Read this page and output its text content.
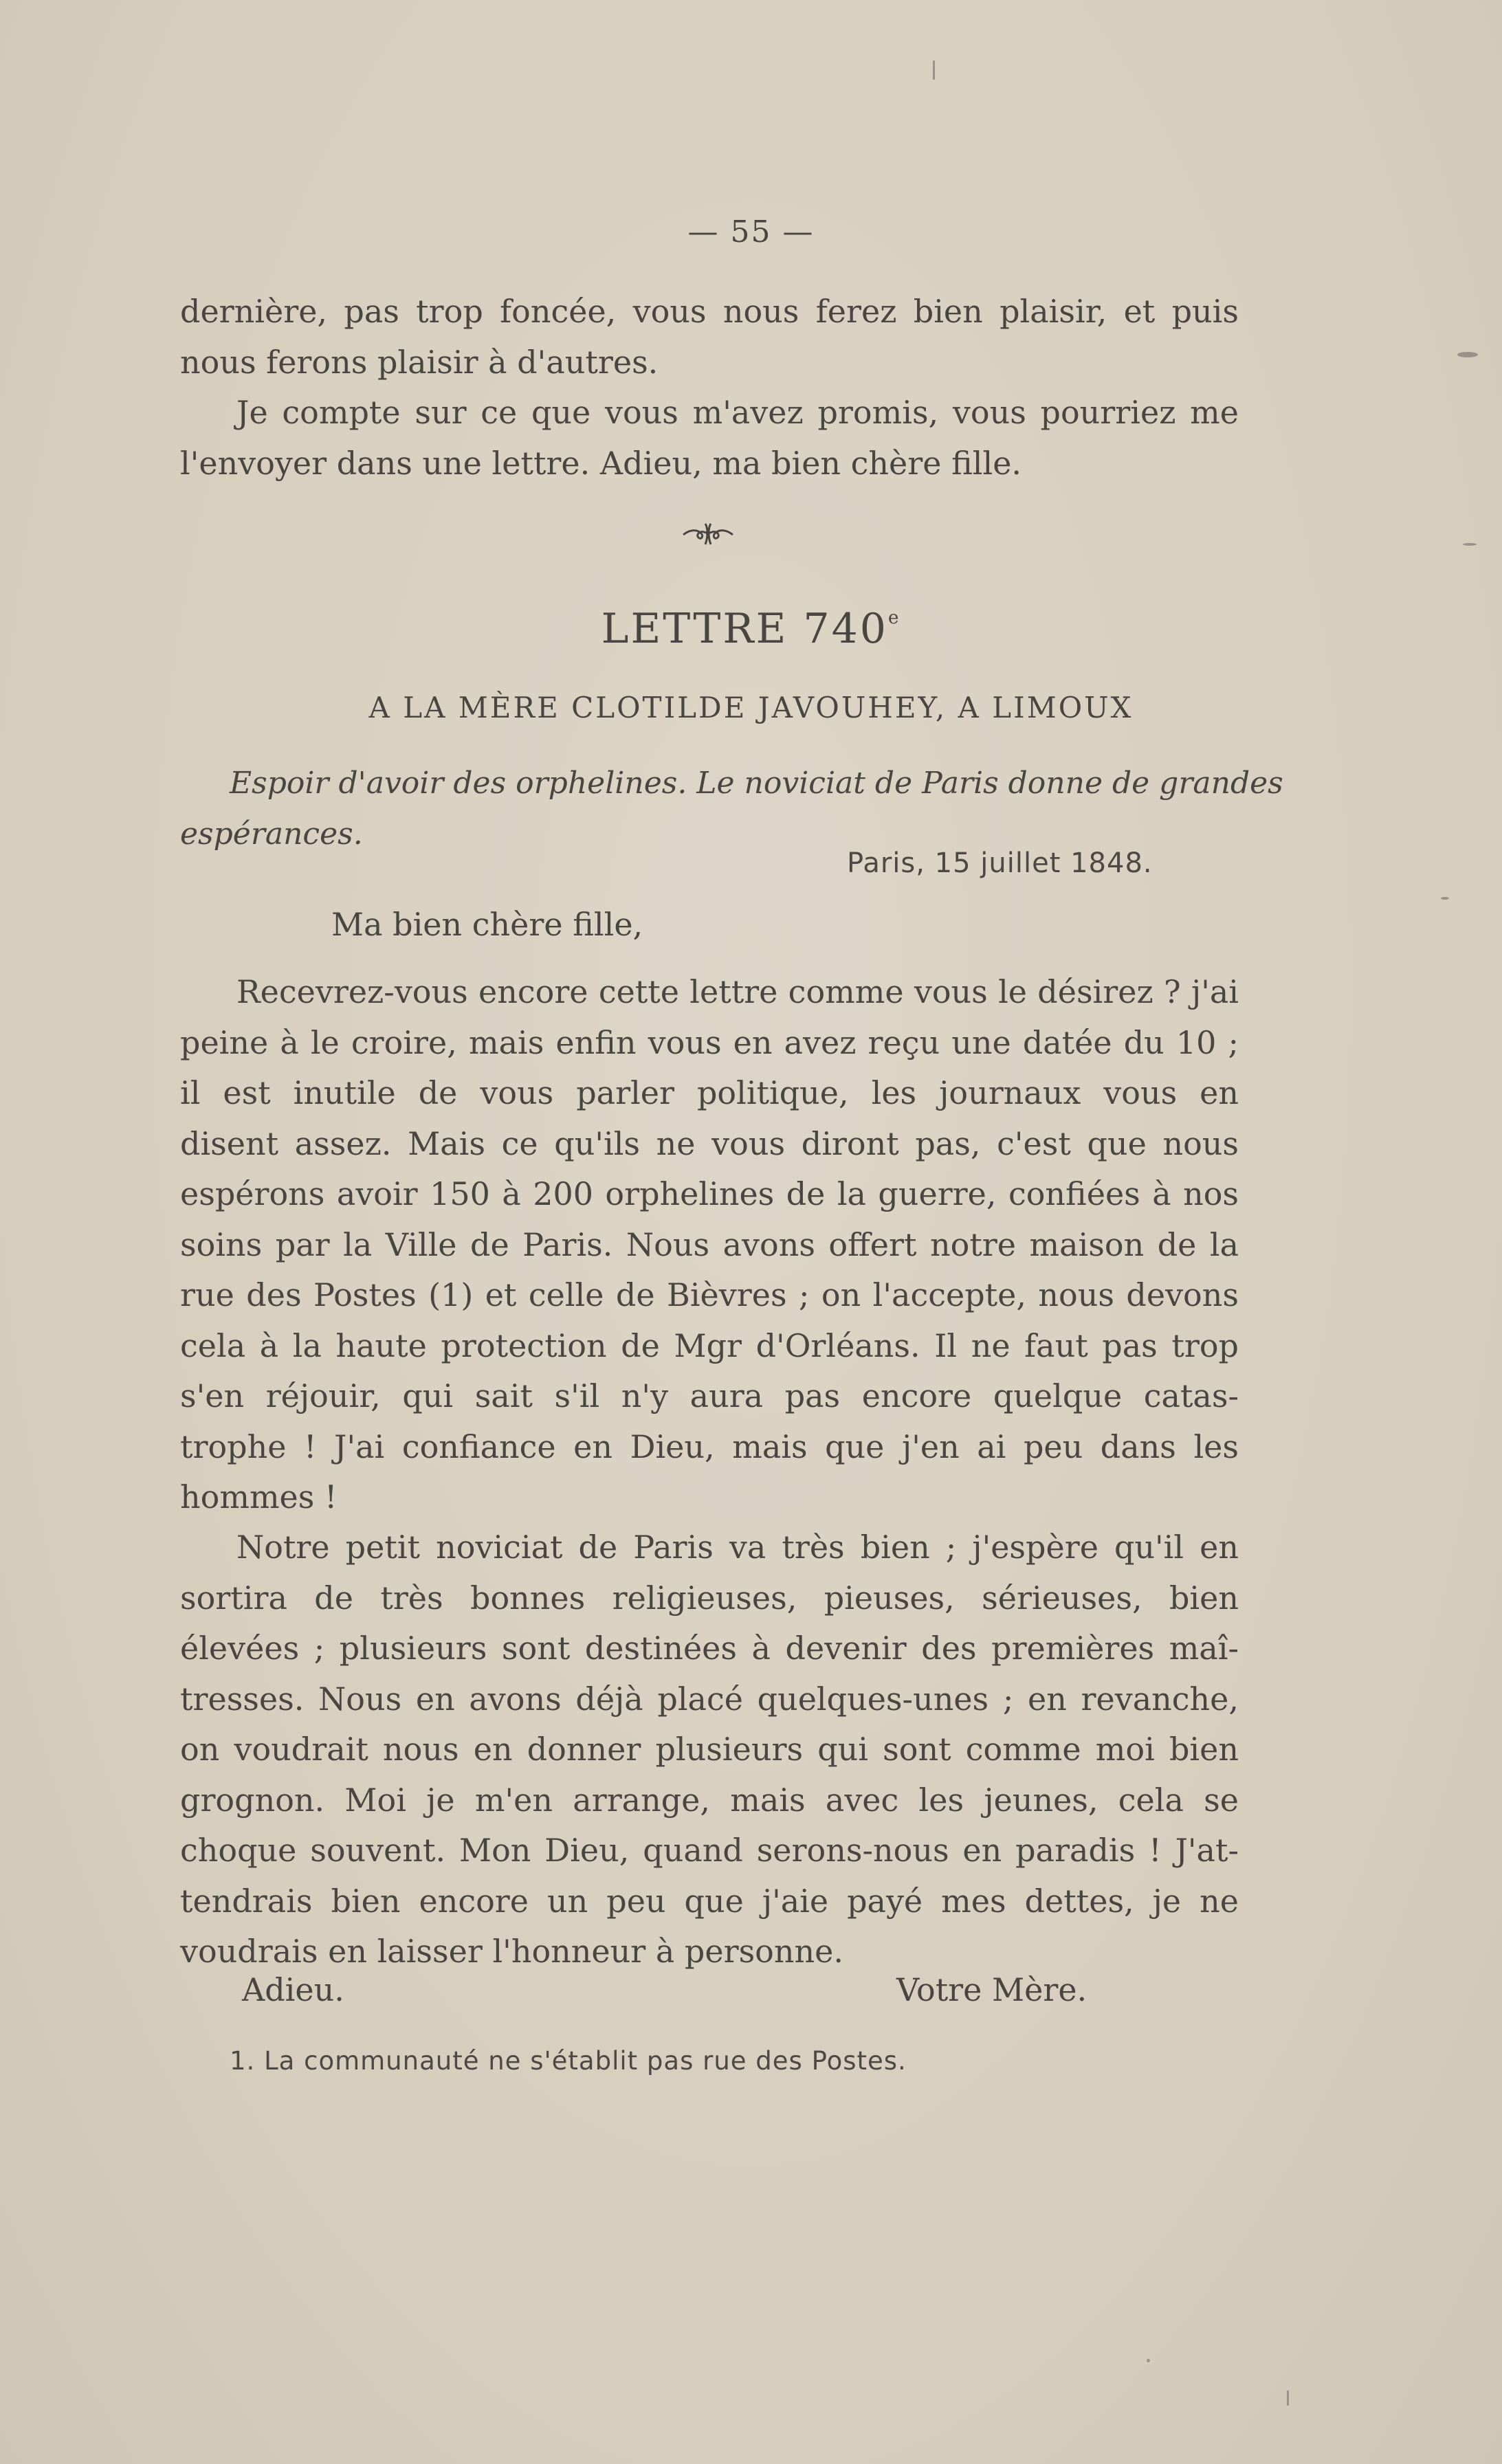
— 55 —
dernière, pas trop foncée, vous nous ferez bien plaisir, et puis
nous ferons plaisir à d'autres.
Je compte sur ce que vous m'avez promis, vous pourriez me
l'envoyer dans une lettre. Adieu, ma bien chère fille.
LETTRE 740e
A LA MÈRE CLOTILDE JAVOUHEY, A LIMOUX
Espoir d'avoir des orphelines. Le noviciat de Paris donne de grandes
espérances.
Paris, 15 juillet 1848.
Ma bien chère fille,
Recevrez-vous encore cette lettre comme vous le désirez ? j'ai
peine à le croire, mais enfin vous en avez reçu une datée du 10 ;
il est inutile de vous parler politique, les journaux vous en
disent assez. Mais ce qu'ils ne vous diront pas, c'est que nous
espérons avoir 150 à 200 orphelines de la guerre, confiées à nos
soins par la Ville de Paris. Nous avons offert notre maison de la
rue des Postes (1) et celle de Bièvres ; on l'accepte, nous devons
cela à la haute protection de Mgr d'Orléans. Il ne faut pas trop
s'en réjouir, qui sait s'il n'y aura pas encore quelque catas-
trophe ! J'ai confiance en Dieu, mais que j'en ai peu dans les
hommes !
Notre petit noviciat de Paris va très bien ; j'espère qu'il en
sortira de très bonnes religieuses, pieuses, sérieuses, bien
élevées ; plusieurs sont destinées à devenir des premières maî-
tresses. Nous en avons déjà placé quelques-unes ; en revanche,
on voudrait nous en donner plusieurs qui sont comme moi bien
grognon. Moi je m'en arrange, mais avec les jeunes, cela se
choque souvent. Mon Dieu, quand serons-nous en paradis ! J'at-
tendrais bien encore un peu que j'aie payé mes dettes, je ne
voudrais en laisser l'honneur à personne.
Adieu.	Votre Mère.
1. La communauté ne s'établit pas rue des Postes.
